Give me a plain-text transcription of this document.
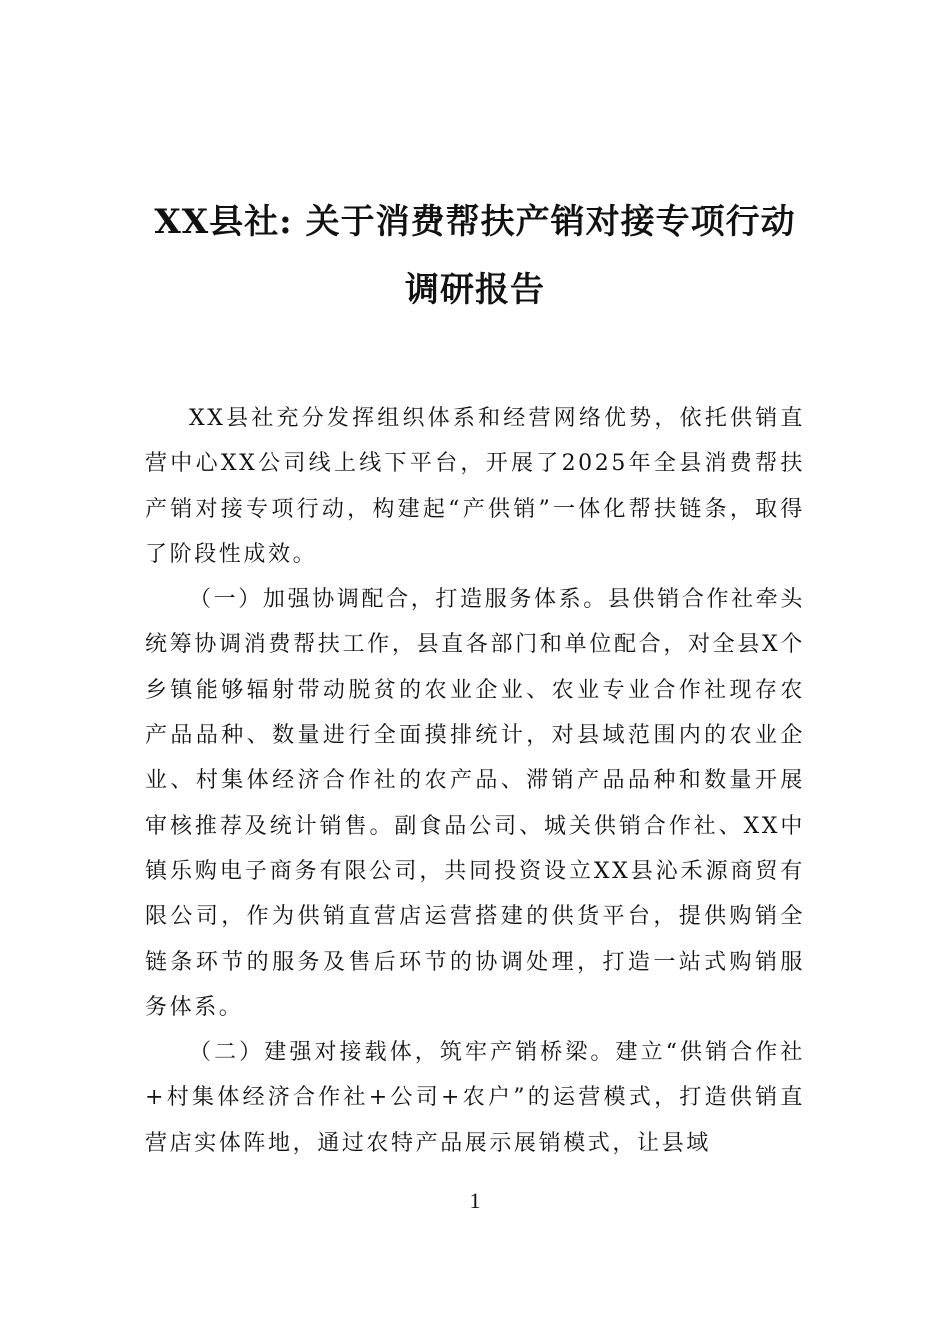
XX县社: 关于消费帮扶产销对接专项行动
调研报告

XX县社充分发挥组织体系和经营网络优势，依托供销直营中心XX公司线上线下平台，开展了2025年全县消费帮扶产销对接专项行动，构建起“产供销”一体化帮扶链条，取得了阶段性成效。

（一）加强协调配合，打造服务体系。县供销合作社牵头统筹协调消费帮扶工作，县直各部门和单位配合，对全县X个乡镇能够辐射带动脱贫的农业企业、农业专业合作社现存农产品品种、数量进行全面摸排统计，对县域范围内的农业企业、村集体经济合作社的农产品、滞销产品品种和数量开展审核推荐及统计销售。副食品公司、城关供销合作社、XX中镇乐购电子商务有限公司，共同投资设立XX县沁禾源商贸有限公司，作为供销直营店运营搭建的供货平台，提供购销全链条环节的服务及售后环节的协调处理，打造一站式购销服务体系。

（二）建强对接载体，筑牢产销桥梁。建立“供销合作社+村集体经济合作社+公司+农户”的运营模式，打造供销直营店实体阵地，通过农特产品展示展销模式，让县域

1
